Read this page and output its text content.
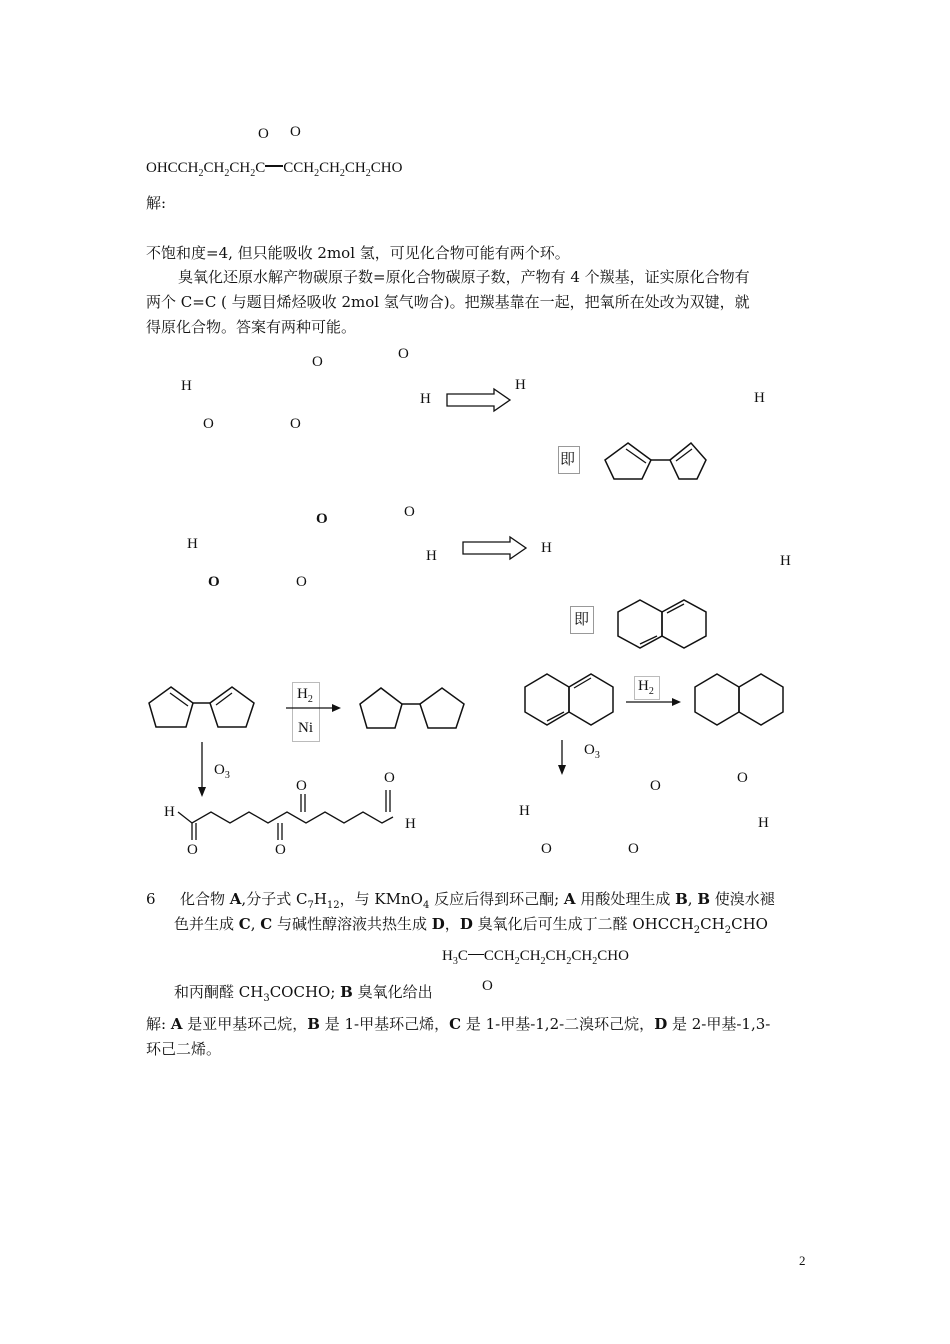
O O
$OHCCH_2CH_2CH_2C$ $CCH_2CH_2CH_2CHO$
解:
不饱和度=4, 但只能吸收 2mol 氢，可见化合物可能有两个环。
臭氧化还原水解产物碳原子数=原化合物碳原子数，产物有 4 个羰基，证实原化合物有
两个 C=C ( 与题目烯烃吸收 2mol 氢气吻合)。把羰基靠在一起，把氧所在处改为双键，就
得原化合物。答案有两种可能。
O	O
H
H
O	O
H
H
即
O	O
H
H
O	O
H
H
即
$H_2$
Ni
$O_3$
O	O
H
H
O	O
$H_2$
$O_3$
O	O
H
H
O	O
6 化合物 A,分子式 $C_7H_{12}$，与 KMnO$_4$ 反应后得到环己酮; A 用酸处理生成 B, B 使溴水褪
色并生成 C, C 与碱性醇溶液共热生成 D，D 臭氧化后可生成丁二醛 $OHCCH_2CH_2CHO$
$H_3C$ $CCH_2CH_2CH_2CH_2CHO$
和丙酮醛 $CH_3COCHO$; B 臭氧化给出	O
解: A 是亚甲基环己烷，B 是 1-甲基环己烯，C 是 1-甲基-1,2-二溴环己烷，D 是 2-甲基-1,3-
环己二烯。
2
